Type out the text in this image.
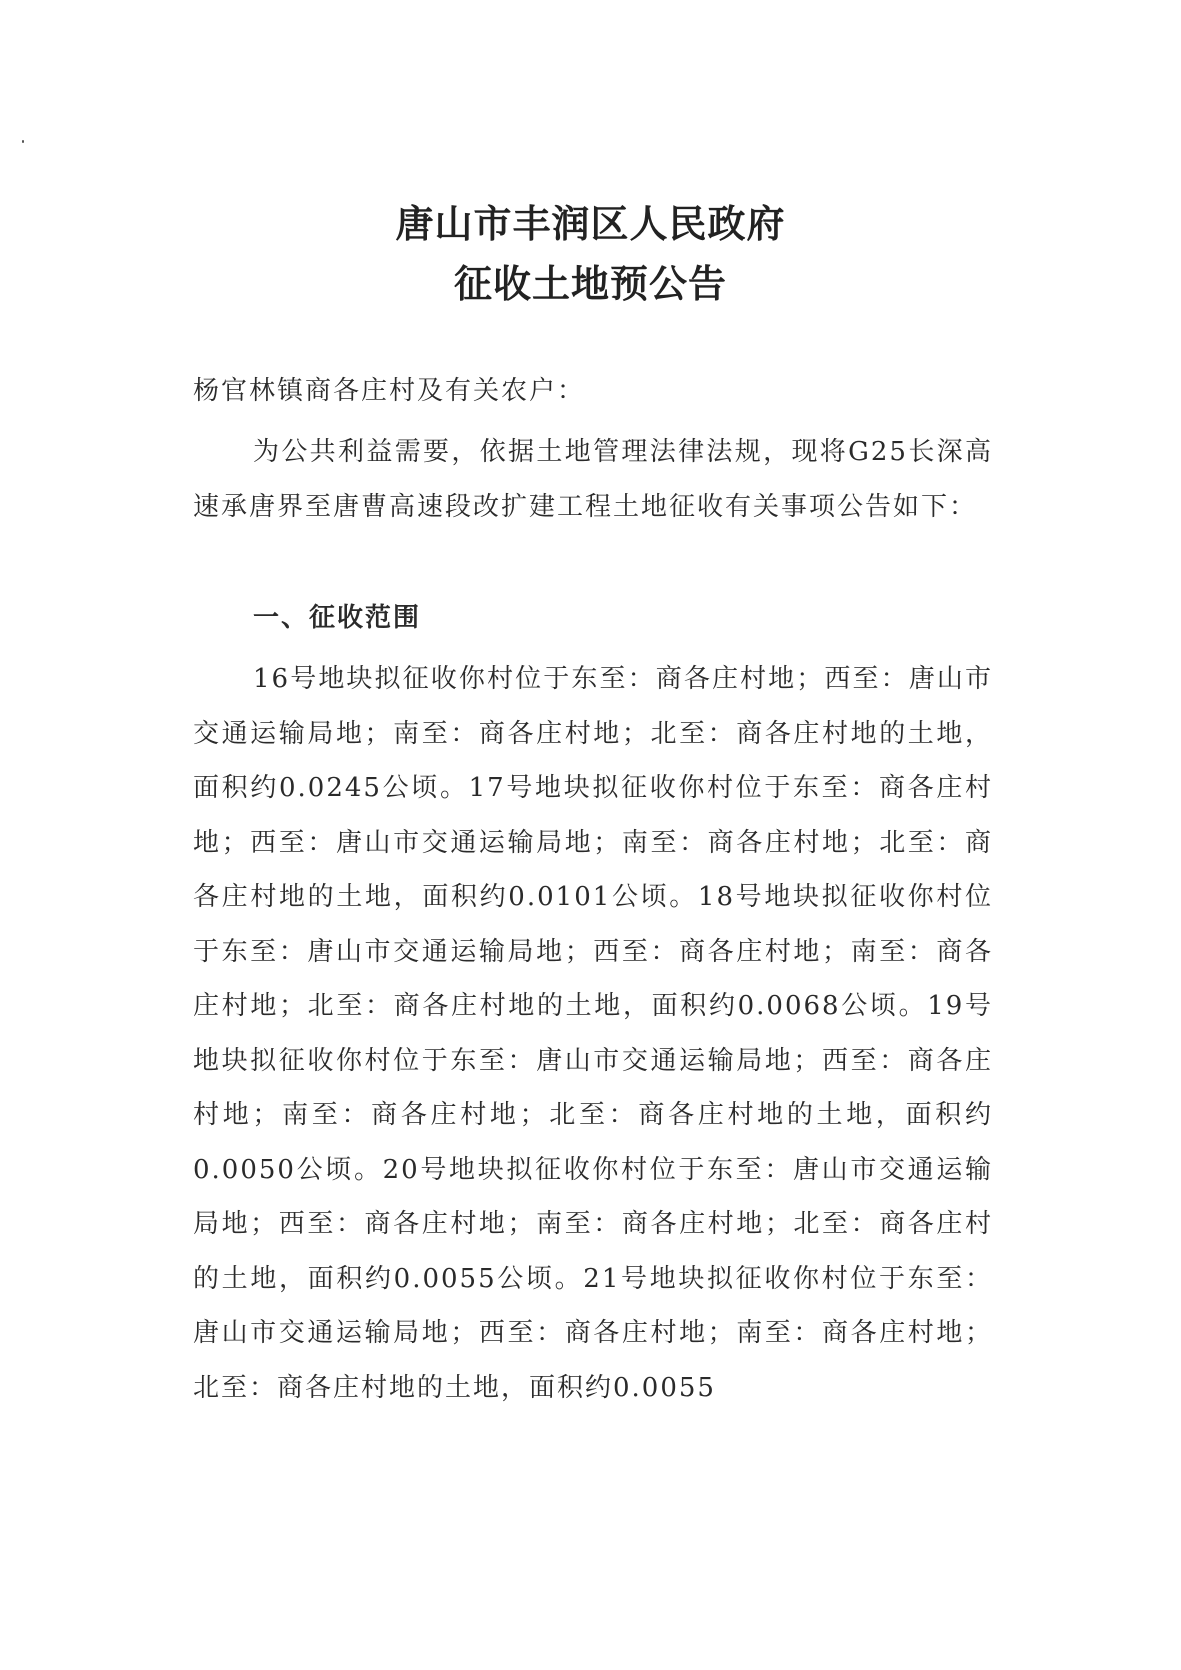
唐山市丰润区人民政府
征收土地预公告

杨官林镇商各庄村及有关农户：

为公共利益需要，依据土地管理法律法规，现将G25长深高速承唐界至唐曹高速段改扩建工程土地征收有关事项公告如下：

一、征收范围

16号地块拟征收你村位于东至：商各庄村地；西至：唐山市交通运输局地；南至：商各庄村地；北至：商各庄村地的土地，面积约0.0245公顷。17号地块拟征收你村位于东至：商各庄村地；西至：唐山市交通运输局地；南至：商各庄村地；北至：商各庄村地的土地，面积约0.0101公顷。18号地块拟征收你村位于东至：唐山市交通运输局地；西至：商各庄村地；南至：商各庄村地；北至：商各庄村地的土地，面积约0.0068公顷。19号地块拟征收你村位于东至：唐山市交通运输局地；西至：商各庄村地；南至：商各庄村地；北至：商各庄村地的土地，面积约0.0050公顷。20号地块拟征收你村位于东至：唐山市交通运输局地；西至：商各庄村地；南至：商各庄村地；北至：商各庄村的土地，面积约0.0055公顷。21号地块拟征收你村位于东至：唐山市交通运输局地；西至：商各庄村地；南至：商各庄村地；北至：商各庄村地的土地，面积约0.0055
